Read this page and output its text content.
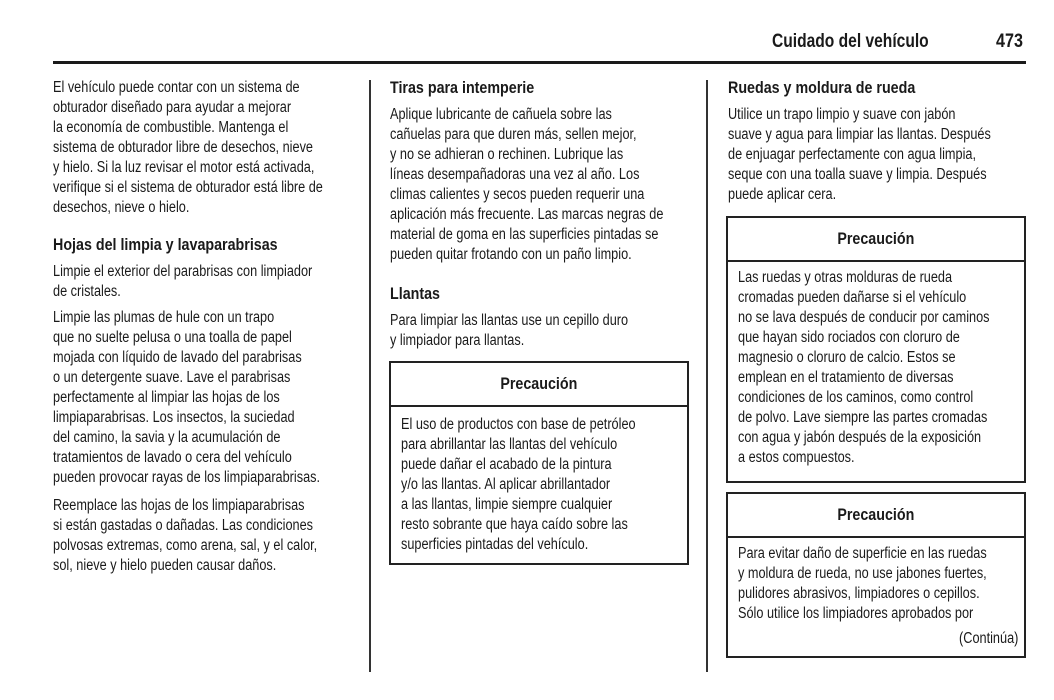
Cuidado del vehículo	473
El vehículo puede contar con un sistema de
obturador diseñado para ayudar a mejorar
la economía de combustible. Mantenga el
sistema de obturador libre de desechos, nieve
y hielo. Si la luz revisar el motor está activada,
verifique si el sistema de obturador está libre de
desechos, nieve o hielo.
Hojas del limpia y lavaparabrisas
Limpie el exterior del parabrisas con limpiador
de cristales.
Limpie las plumas de hule con un trapo
que no suelte pelusa o una toalla de papel
mojada con líquido de lavado del parabrisas
o un detergente suave. Lave el parabrisas
perfectamente al limpiar las hojas de los
limpiaparabrisas. Los insectos, la suciedad
del camino, la savia y la acumulación de
tratamientos de lavado o cera del vehículo
pueden provocar rayas de los limpiaparabrisas.
Reemplace las hojas de los limpiaparabrisas
si están gastadas o dañadas. Las condiciones
polvosas extremas, como arena, sal, y el calor,
sol, nieve y hielo pueden causar daños.
Tiras para intemperie
Aplique lubricante de cañuela sobre las
cañuelas para que duren más, sellen mejor,
y no se adhieran o rechinen. Lubrique las
líneas desempañadoras una vez al año. Los
climas calientes y secos pueden requerir una
aplicación más frecuente. Las marcas negras de
material de goma en las superficies pintadas se
pueden quitar frotando con un paño limpio.
Llantas
Para limpiar las llantas use un cepillo duro
y limpiador para llantas.
Precaución
El uso de productos con base de petróleo
para abrillantar las llantas del vehículo
puede dañar el acabado de la pintura
y/o las llantas. Al aplicar abrillantador
a las llantas, limpie siempre cualquier
resto sobrante que haya caído sobre las
superficies pintadas del vehículo.
Ruedas y moldura de rueda
Utilice un trapo limpio y suave con jabón
suave y agua para limpiar las llantas. Después
de enjuagar perfectamente con agua limpia,
seque con una toalla suave y limpia. Después
puede aplicar cera.
Precaución
Las ruedas y otras molduras de rueda
cromadas pueden dañarse si el vehículo
no se lava después de conducir por caminos
que hayan sido rociados con cloruro de
magnesio o cloruro de calcio. Estos se
emplean en el tratamiento de diversas
condiciones de los caminos, como control
de polvo. Lave siempre las partes cromadas
con agua y jabón después de la exposición
a estos compuestos.
Precaución
Para evitar daño de superficie en las ruedas
y moldura de rueda, no use jabones fuertes,
pulidores abrasivos, limpiadores o cepillos.
Sólo utilice los limpiadores aprobados por
(Continúa)
